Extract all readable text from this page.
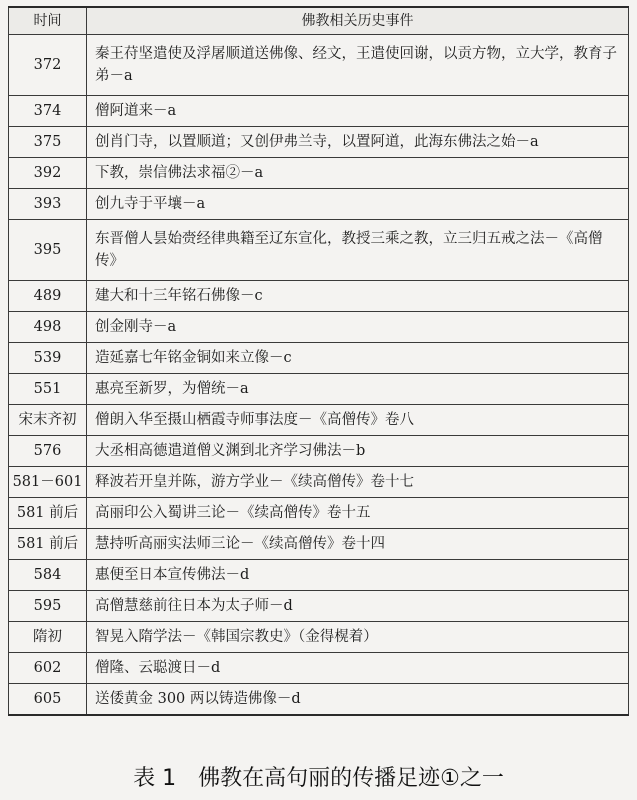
时间	佛教相关历史事件
372	秦王苻坚遣使及浮屠顺道送佛像、经文，王遣使回谢，以贡方物，立大学，教育子弟－a
374	僧阿道来－a
375	创肖门寺，以置顺道；又创伊弗兰寺，以置阿道，此海东佛法之始－a
392	下教，崇信佛法求福②－a
393	创九寺于平壤－a
395	东晋僧人昙始赍经律典籍至辽东宣化，教授三乘之教，立三归五戒之法－《高僧传》
489	建大和十三年铭石佛像－c
498	创金刚寺－a
539	造延嘉七年铭金铜如来立像－c
551	惠亮至新罗，为僧统－a
宋末齐初	僧朗入华至摄山栖霞寺师事法度－《高僧传》卷八
576	大丞相高德遣道僧义渊到北齐学习佛法－b
581－601	释波若开皇并陈，游方学业－《续高僧传》卷十七
581 前后	高丽印公入蜀讲三论－《续高僧传》卷十五
581 前后	慧持听高丽实法师三论－《续高僧传》卷十四
584	惠便至日本宣传佛法－d
595	高僧慧慈前往日本为太子师－d
隋初	智晃入隋学法－《韩国宗教史》（金得榥着）
602	僧隆、云聪渡日－d
605	送倭黄金 300 两以铸造佛像－d
表 1　佛教在高句丽的传播足迹①之一
